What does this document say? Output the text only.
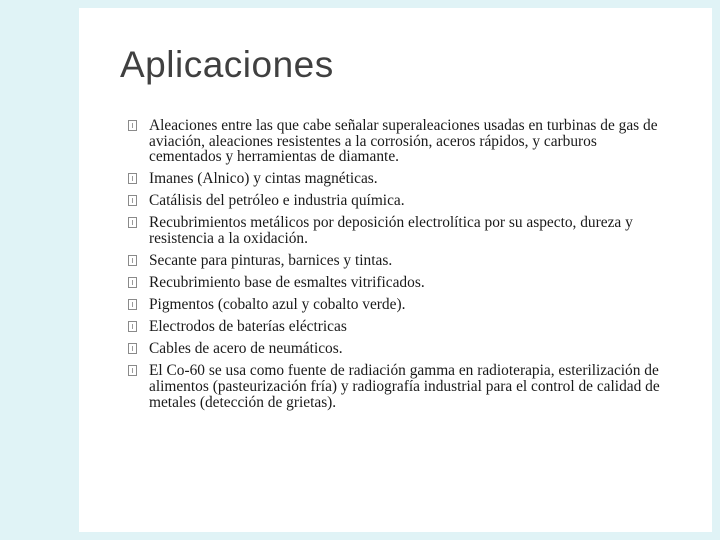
Aplicaciones
Aleaciones entre las que cabe señalar superaleaciones usadas en turbinas de gas de aviación, aleaciones resistentes a la corrosión, aceros rápidos, y carburos cementados y herramientas de diamante.
Imanes (Alnico) y cintas magnéticas.
Catálisis del petróleo e industria química.
Recubrimientos metálicos por deposición electrolítica por su aspecto, dureza y resistencia a la oxidación.
Secante para pinturas, barnices y tintas.
Recubrimiento base de esmaltes vitrificados.
Pigmentos (cobalto azul y cobalto verde).
Electrodos de baterías eléctricas
Cables de acero de neumáticos.
El Co-60 se usa como fuente de radiación gamma en radioterapia, esterilización de alimentos (pasteurización fría) y radiografía industrial para el control de calidad de metales (detección de grietas).
